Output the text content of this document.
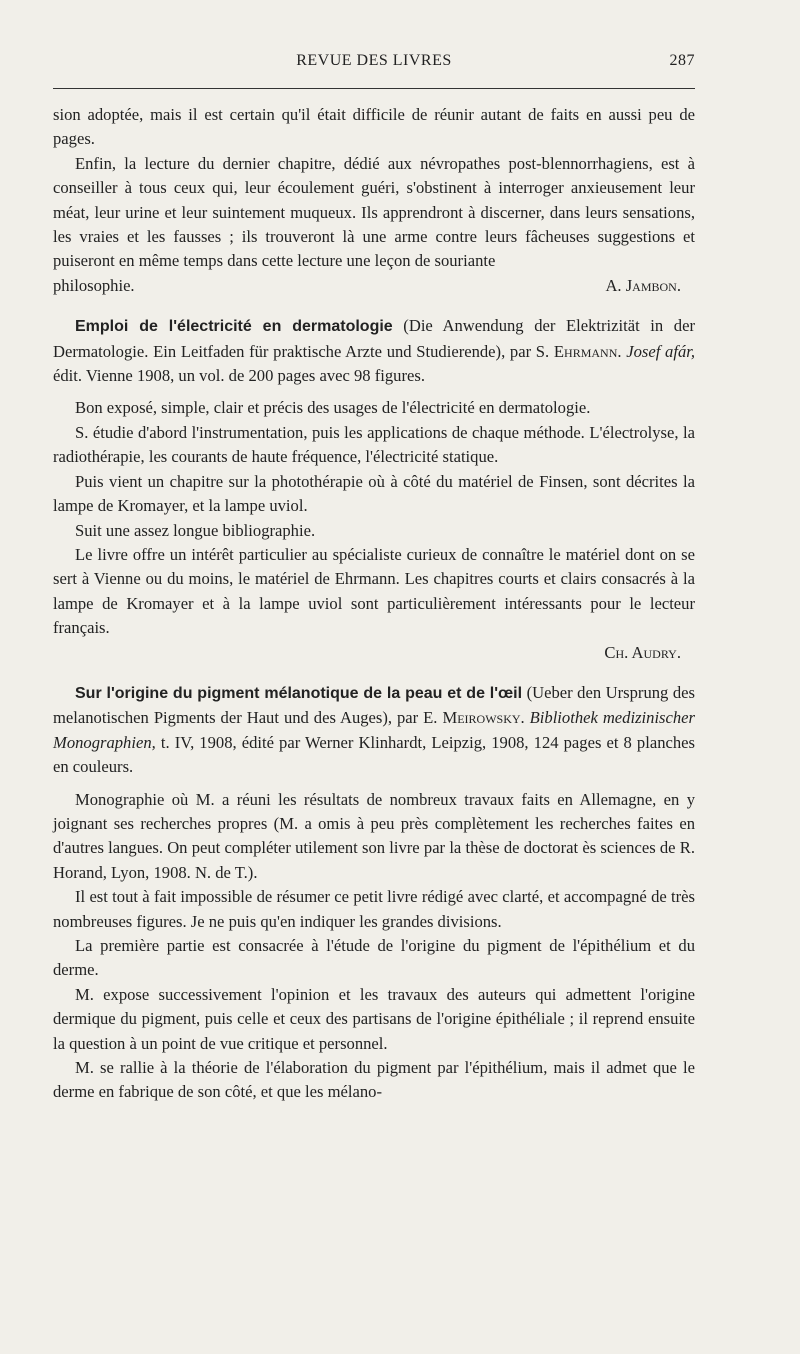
REVUE DES LIVRES	287

sion adoptée, mais il est certain qu'il était difficile de réunir autant de faits en aussi peu de pages.

Enfin, la lecture du dernier chapitre, dédié aux névropathes post-blennorrhagiens, est à conseiller à tous ceux qui, leur écoulement guéri, s'obstinent à interroger anxieusement leur méat, leur urine et leur suintement muqueux. Ils apprendront à discerner, dans leurs sensations, les vraies et les fausses ; ils trouveront là une arme contre leurs fâcheuses suggestions et puiseront en même temps dans cette lecture une leçon de souriante

philosophie.	A. Jambon.

Emploi de l'électricité en dermatologie (Die Anwendung der Elektrizität in der Dermatologie. Ein Leitfaden für praktische Arzte und Studierende), par S. Ehrmann. Josef afár, édit. Vienne 1908, un vol. de 200 pages avec 98 figures.

Bon exposé, simple, clair et précis des usages de l'électricité en dermatologie.

S. étudie d'abord l'instrumentation, puis les applications de chaque méthode. L'électrolyse, la radiothérapie, les courants de haute fréquence, l'électricité statique.

Puis vient un chapitre sur la photothérapie où à côté du matériel de Finsen, sont décrites la lampe de Kromayer, et la lampe uviol.

Suit une assez longue bibliographie.

Le livre offre un intérêt particulier au spécialiste curieux de connaître le matériel dont on se sert à Vienne ou du moins, le matériel de Ehrmann. Les chapitres courts et clairs consacrés à la lampe de Kromayer et à la lampe uviol sont particulièrement intéressants pour le lecteur français.

Ch. Audry.

Sur l'origine du pigment mélanotique de la peau et de l'œil (Ueber den Ursprung des melanotischen Pigments der Haut und des Auges), par E. Meirowsky. Bibliothek medizinischer Monographien, t. IV, 1908, édité par Werner Klinhardt, Leipzig, 1908, 124 pages et 8 planches en couleurs.

Monographie où M. a réuni les résultats de nombreux travaux faits en Allemagne, en y joignant ses recherches propres (M. a omis à peu près complètement les recherches faites en d'autres langues. On peut compléter utilement son livre par la thèse de doctorat ès sciences de R. Horand, Lyon, 1908. N. de T.).

Il est tout à fait impossible de résumer ce petit livre rédigé avec clarté, et accompagné de très nombreuses figures. Je ne puis qu'en indiquer les grandes divisions.

La première partie est consacrée à l'étude de l'origine du pigment de l'épithélium et du derme.

M. expose successivement l'opinion et les travaux des auteurs qui admettent l'origine dermique du pigment, puis celle et ceux des partisans de l'origine épithéliale ; il reprend ensuite la question à un point de vue critique et personnel.

M. se rallie à la théorie de l'élaboration du pigment par l'épithélium, mais il admet que le derme en fabrique de son côté, et que les mélano-
